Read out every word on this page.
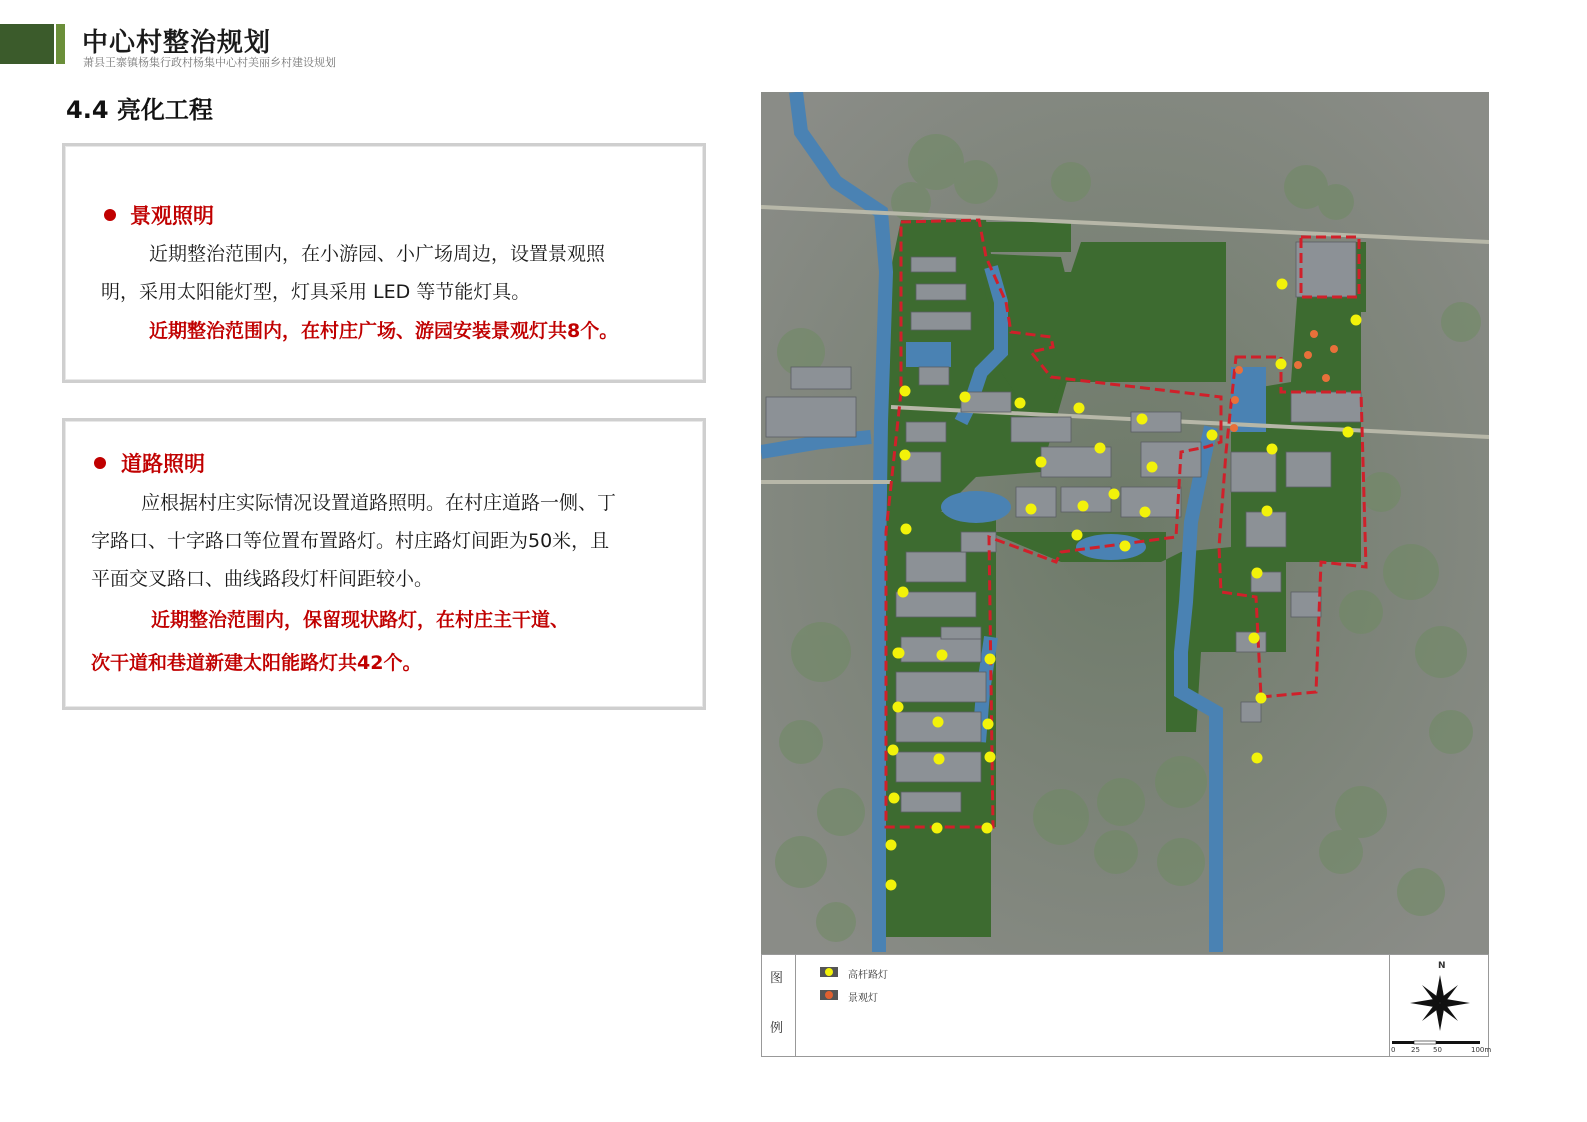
中心村整治规划
萧县王寨镇杨集行政村杨集中心村美丽乡村建设规划
4.4 亮化工程
景观照明
近期整治范围内，在小游园、小广场周边，设置景观照
明，采用太阳能灯型，灯具采用 LED 等节能灯具。
近期整治范围内，在村庄广场、游园安装景观灯共8个。
道路照明
应根据村庄实际情况设置道路照明。在村庄道路一侧、丁
字路口、十字路口等位置布置路灯。村庄路灯间距为50米，且
平面交叉路口、曲线路段灯杆间距较小。
近期整治范围内，保留现状路灯，在村庄主干道、
次干道和巷道新建太阳能路灯共42个。
图
例
高杆路灯
景观灯
N
0 25 50	100m
